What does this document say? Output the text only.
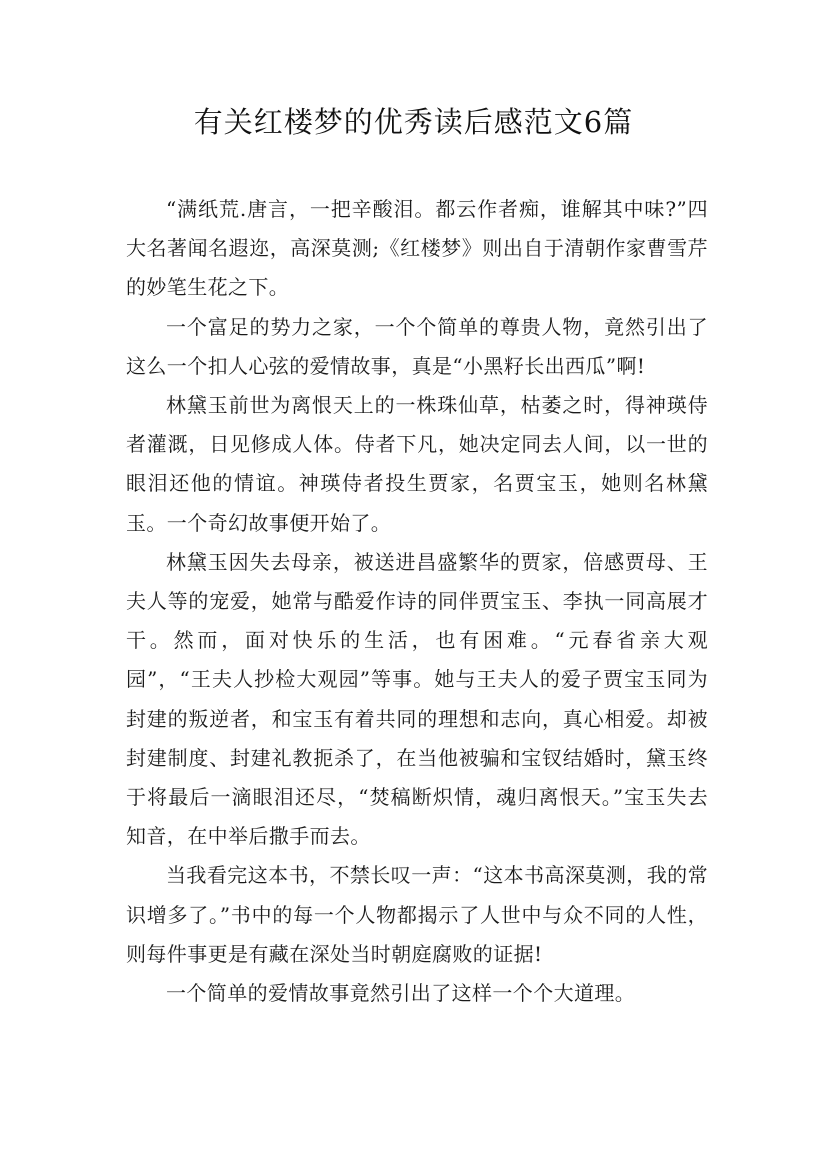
有关红楼梦的优秀读后感范文6篇

“满纸荒.唐言，一把辛酸泪。都云作者痴，谁解其中味?”四大名著闻名遐迩，高深莫测;《红楼梦》则出自于清朝作家曹雪芹的妙笔生花之下。

一个富足的势力之家，一个个简单的尊贵人物，竟然引出了这么一个扣人心弦的爱情故事，真是“小黑籽长出西瓜”啊!

林黛玉前世为离恨天上的一株珠仙草，枯萎之时，得神瑛侍者灌溉，日见修成人体。侍者下凡，她决定同去人间，以一世的眼泪还他的情谊。神瑛侍者投生贾家，名贾宝玉，她则名林黛玉。一个奇幻故事便开始了。

林黛玉因失去母亲，被送进昌盛繁华的贾家，倍感贾母、王夫人等的宠爱，她常与酷爱作诗的同伴贾宝玉、李执一同高展才干。然而，面对快乐的生活，也有困难。“元春省亲大观园”，“王夫人抄检大观园”等事。她与王夫人的爱子贾宝玉同为封建的叛逆者，和宝玉有着共同的理想和志向，真心相爱。却被封建制度、封建礼教扼杀了，在当他被骗和宝钗结婚时，黛玉终于将最后一滴眼泪还尽，“焚稿断炽情，魂归离恨天。”宝玉失去知音，在中举后撒手而去。

当我看完这本书，不禁长叹一声：“这本书高深莫测，我的常识增多了。”书中的每一个人物都揭示了人世中与众不同的人性，则每件事更是有藏在深处当时朝庭腐败的证据!

一个简单的爱情故事竟然引出了这样一个个大道理。
